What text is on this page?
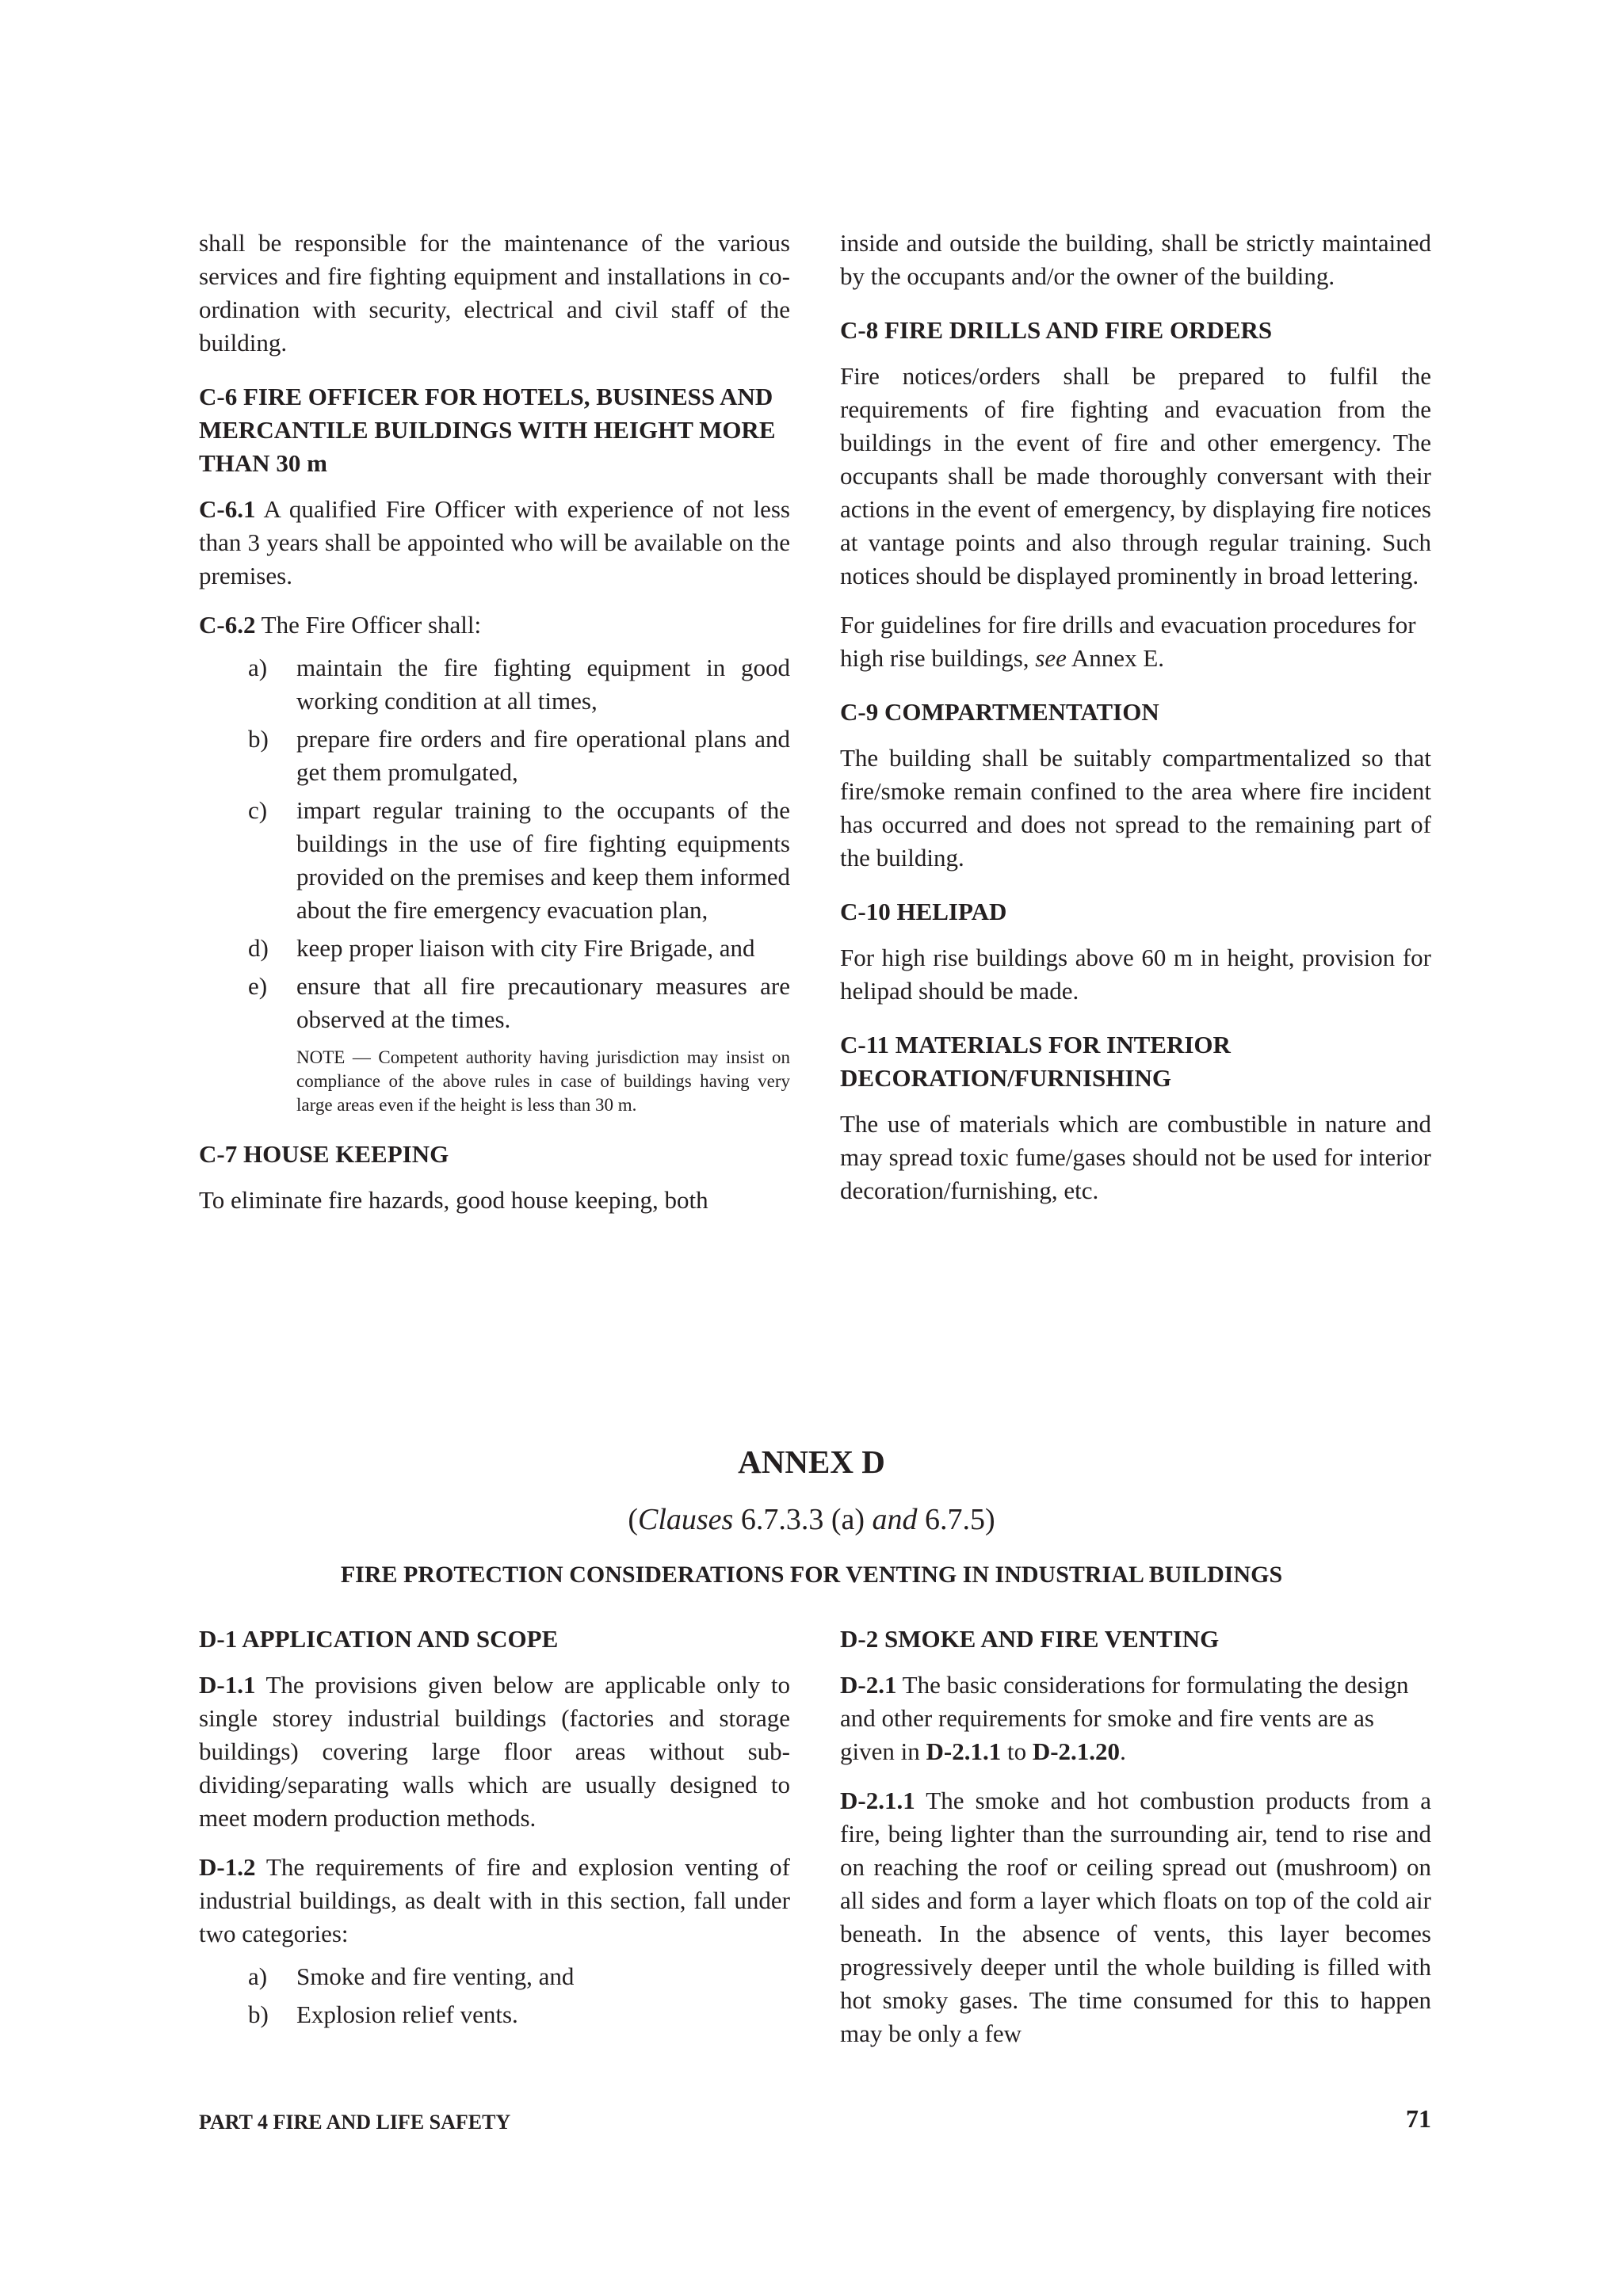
shall be responsible for the maintenance of the various services and fire fighting equipment and installations in co-ordination with security, electrical and civil staff of the building.

C-6 FIRE OFFICER FOR HOTELS, BUSINESS AND MERCANTILE BUILDINGS WITH HEIGHT MORE THAN 30 m

C-6.1 A qualified Fire Officer with experience of not less than 3 years shall be appointed who will be available on the premises.

C-6.2 The Fire Officer shall:

a) maintain the fire fighting equipment in good working condition at all times,
b) prepare fire orders and fire operational plans and get them promulgated,
c) impart regular training to the occupants of the buildings in the use of fire fighting equipments provided on the premises and keep them informed about the fire emergency evacuation plan,
d) keep proper liaison with city Fire Brigade, and
e) ensure that all fire precautionary measures are observed at the times.
NOTE — Competent authority having jurisdiction may insist on compliance of the above rules in case of buildings having very large areas even if the height is less than 30 m.
C-7 HOUSE KEEPING

To eliminate fire hazards, good house keeping, both

inside and outside the building, shall be strictly maintained by the occupants and/or the owner of the building.

C-8 FIRE DRILLS AND FIRE ORDERS

Fire notices/orders shall be prepared to fulfil the requirements of fire fighting and evacuation from the buildings in the event of fire and other emergency. The occupants shall be made thoroughly conversant with their actions in the event of emergency, by displaying fire notices at vantage points and also through regular training. Such notices should be displayed prominently in broad lettering.

For guidelines for fire drills and evacuation procedures for high rise buildings, see Annex E.

C-9 COMPARTMENTATION

The building shall be suitably compartmentalized so that fire/smoke remain confined to the area where fire incident has occurred and does not spread to the remaining part of the building.

C-10 HELIPAD

For high rise buildings above 60 m in height, provision for helipad should be made.

C-11 MATERIALS FOR INTERIOR DECORATION/FURNISHING

The use of materials which are combustible in nature and may spread toxic fume/gases should not be used for interior decoration/furnishing, etc.

ANNEX D
(Clauses 6.7.3.3 (a) and 6.7.5)
FIRE PROTECTION CONSIDERATIONS FOR VENTING IN INDUSTRIAL BUILDINGS
D-1 APPLICATION AND SCOPE

D-1.1 The provisions given below are applicable only to single storey industrial buildings (factories and storage buildings) covering large floor areas without sub-dividing/separating walls which are usually designed to meet modern production methods.

D-1.2 The requirements of fire and explosion venting of industrial buildings, as dealt with in this section, fall under two categories:

a) Smoke and fire venting, and
b) Explosion relief vents.
D-2 SMOKE AND FIRE VENTING

D-2.1 The basic considerations for formulating the design and other requirements for smoke and fire vents are as given in D-2.1.1 to D-2.1.20.

D-2.1.1 The smoke and hot combustion products from a fire, being lighter than the surrounding air, tend to rise and on reaching the roof or ceiling spread out (mushroom) on all sides and form a layer which floats on top of the cold air beneath. In the absence of vents, this layer becomes progressively deeper until the whole building is filled with hot smoky gases. The time consumed for this to happen may be only a few

PART 4 FIRE AND LIFE SAFETY	71
